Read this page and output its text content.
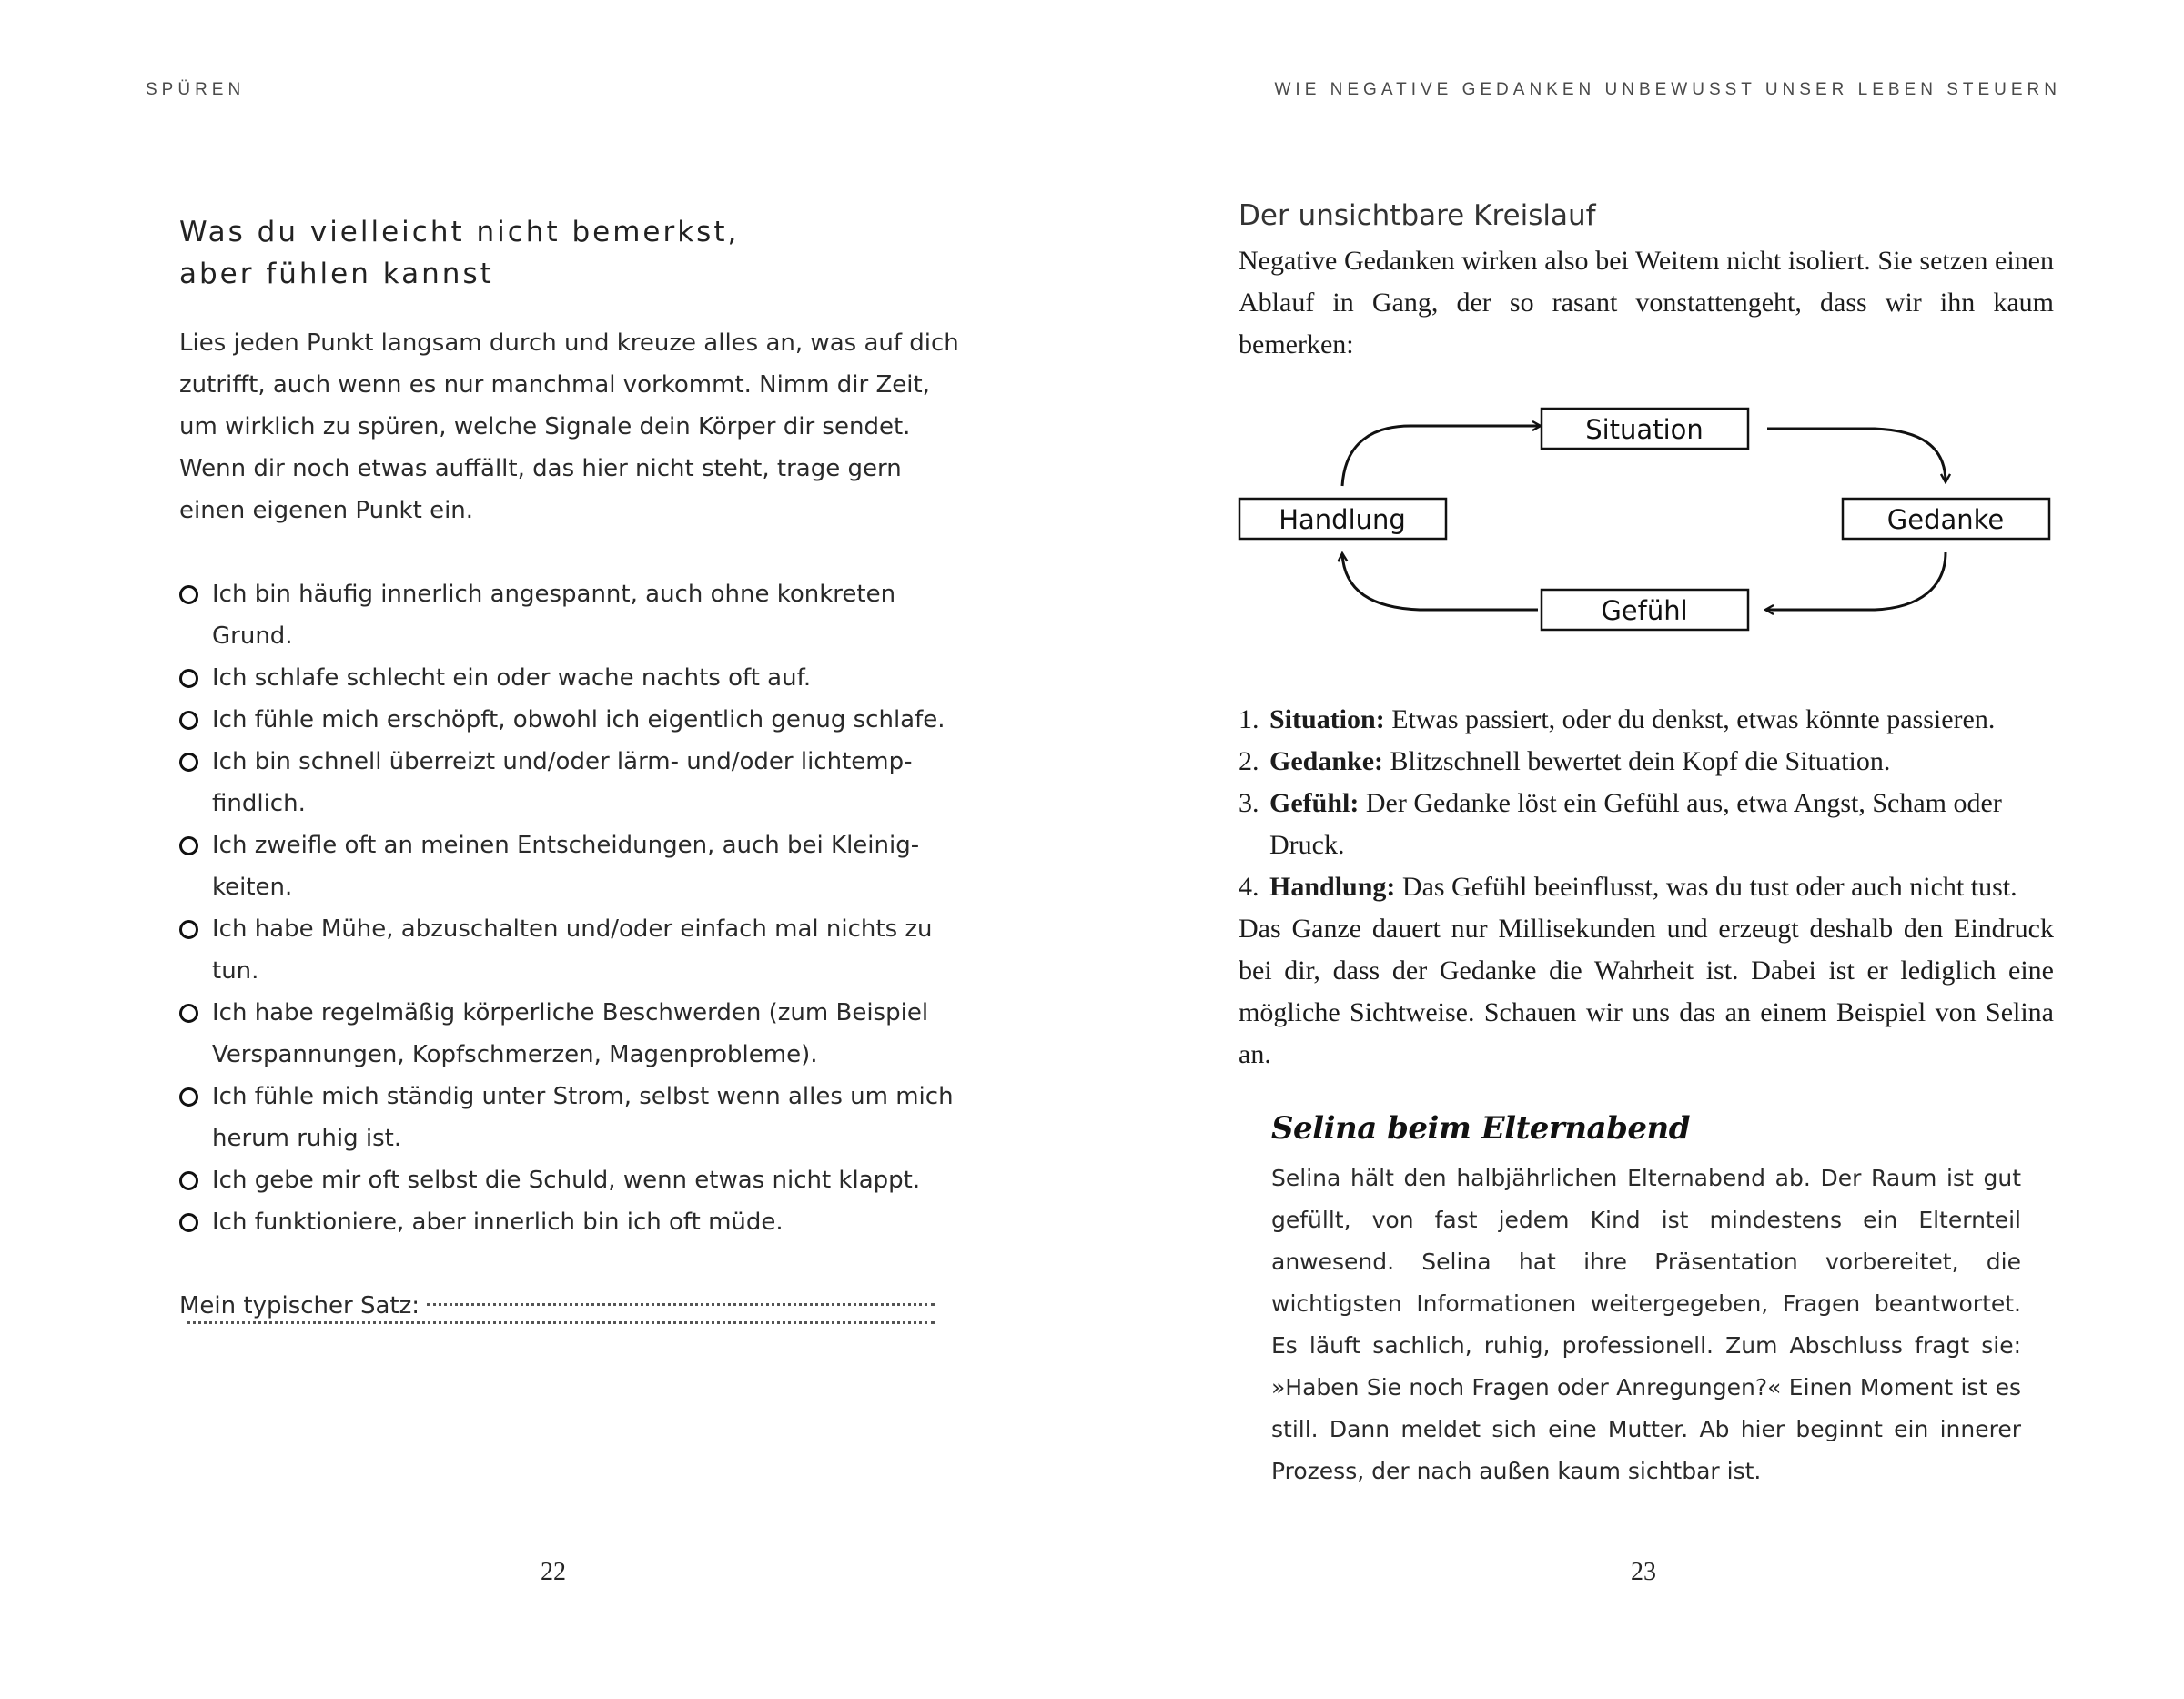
SPÜREN	WIE NEGATIVE GEDANKEN UNBEWUSST UNSER LEBEN STEUERN
Was du vielleicht nicht bemerkst,
aber fühlen kannst
Lies jeden Punkt langsam durch und kreuze alles an, was auf dich
zutrifft, auch wenn es nur manchmal vorkommt. Nimm dir Zeit,
um wirklich zu spüren, welche Signale dein Körper dir sendet.
Wenn dir noch etwas auffällt, das hier nicht steht, trage gern
einen eigenen Punkt ein.
Ich bin häufig innerlich angespannt, auch ohne konkreten
Grund.
Ich schlafe schlecht ein oder wache nachts oft auf.
Ich fühle mich erschöpft, obwohl ich eigentlich genug schlafe.
Ich bin schnell überreizt und/oder lärm- und/oder lichtemp-
findlich.
Ich zweifle oft an meinen Entscheidungen, auch bei Kleinig-
keiten.
Ich habe Mühe, abzuschalten und/oder einfach mal nichts zu
tun.
Ich habe regelmäßig körperliche Beschwerden (zum Beispiel
Verspannungen, Kopfschmerzen, Magenprobleme).
Ich fühle mich ständig unter Strom, selbst wenn alles um mich
herum ruhig ist.
Ich gebe mir oft selbst die Schuld, wenn etwas nicht klappt.
Ich funktioniere, aber innerlich bin ich oft müde.
Mein typischer Satz:
22
Der unsichtbare Kreislauf
Negative Gedanken wirken also bei Weitem nicht isoliert. Sie setzen einen Ablauf in Gang, der so rasant vonstattengeht, dass wir ihn kaum bemerken:
Situation
Gedanke
Gefühl
Handlung
1. Situation: Etwas passiert, oder du denkst, etwas könnte passieren.
2. Gedanke: Blitzschnell bewertet dein Kopf die Situation.
3. Gefühl: Der Gedanke löst ein Gefühl aus, etwa Angst, Scham oder Druck.
4. Handlung: Das Gefühl beeinflusst, was du tust oder auch nicht tust.
Das Ganze dauert nur Millisekunden und erzeugt deshalb den Eindruck bei dir, dass der Gedanke die Wahrheit ist. Dabei ist er lediglich eine mögliche Sichtweise. Schauen wir uns das an einem Beispiel von Selina an.
Selina beim Elternabend
Selina hält den halbjährlichen Elternabend ab. Der Raum ist gut gefüllt, von fast jedem Kind ist mindestens ein Elternteil anwesend. Selina hat ihre Präsentation vorbereitet, die wichtigsten Informationen weitergegeben, Fragen beantwortet. Es läuft sachlich, ruhig, professionell. Zum Abschluss fragt sie: »Haben Sie noch Fragen oder Anregungen?« Einen Moment ist es still. Dann meldet sich eine Mutter. Ab hier beginnt ein innerer Prozess, der nach außen kaum sichtbar ist.
23
